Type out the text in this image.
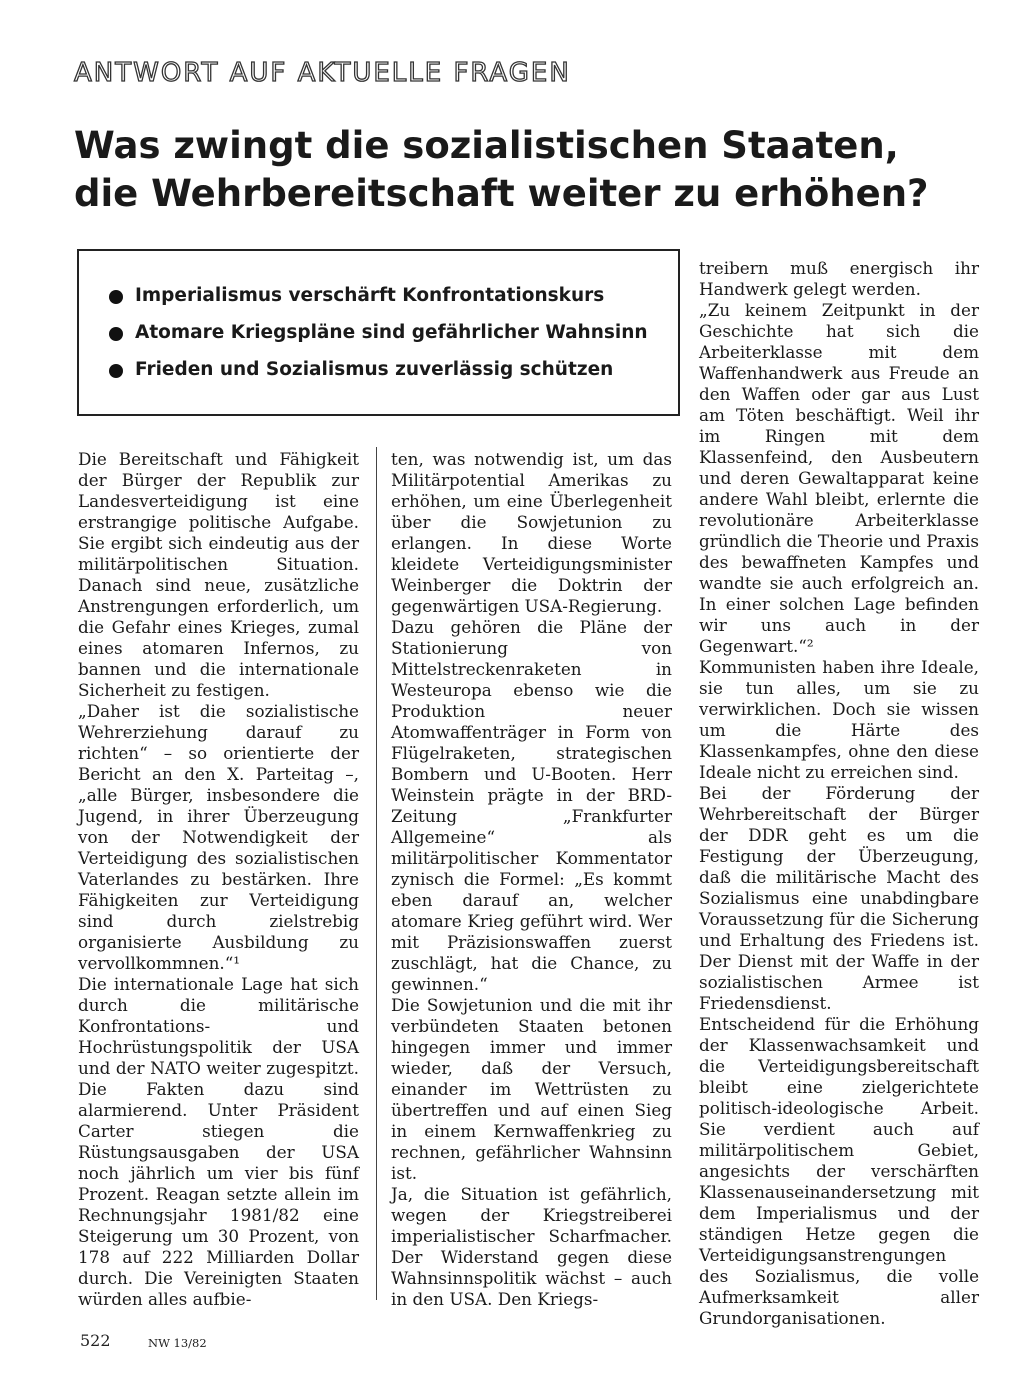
ANTWORT AUF AKTUELLE FRAGEN
Was zwingt die sozialistischen Staaten,
die Wehrbereitschaft weiter zu erhöhen?
Imperialismus verschärft Konfrontationskurs
Atomare Kriegspläne sind gefährlicher Wahnsinn
Frieden und Sozialismus zuverlässig schützen

Die Bereitschaft und Fähigkeit der Bürger der Republik zur Landesverteidigung ist eine erstrangige politische Aufgabe. Sie ergibt sich eindeutig aus der militärpolitischen Situation. Danach sind neue, zusätzliche Anstrengungen erforderlich, um die Gefahr eines Krieges, zumal eines atomaren Infernos, zu bannen und die internationale Sicherheit zu festigen.

„Daher ist die sozialistische Wehrerziehung darauf zu richten“ – so orientierte der Bericht an den X. Parteitag –, „alle Bürger, insbesondere die Jugend, in ihrer Überzeugung von der Notwendigkeit der Verteidigung des sozialistischen Vaterlandes zu bestärken. Ihre Fähigkeiten zur Verteidigung sind durch zielstrebig organisierte Ausbildung zu vervollkommnen.“¹

Die internationale Lage hat sich durch die militärische Konfrontations- und Hochrüstungspolitik der USA und der NATO weiter zugespitzt. Die Fakten dazu sind alarmierend. Unter Präsident Carter stiegen die Rüstungsausgaben der USA noch jährlich um vier bis fünf Prozent. Reagan setzte allein im Rechnungsjahr 1981/82 eine Steigerung um 30 Prozent, von 178 auf 222 Milliarden Dollar durch. Die Vereinigten Staaten würden alles aufbie-

ten, was notwendig ist, um das Militärpotential Amerikas zu erhöhen, um eine Überlegenheit über die Sowjetunion zu erlangen. In diese Worte kleidete Verteidigungsminister Weinberger die Doktrin der gegenwärtigen USA-Regierung.

Dazu gehören die Pläne der Stationierung von Mittelstreckenraketen in Westeuropa ebenso wie die Produktion neuer Atomwaffenträger in Form von Flügelraketen, strategischen Bombern und U-Booten. Herr Weinstein prägte in der BRD-Zeitung „Frankfurter Allgemeine“ als militärpolitischer Kommentator zynisch die Formel: „Es kommt eben darauf an, welcher atomare Krieg geführt wird. Wer mit Präzisionswaffen zuerst zuschlägt, hat die Chance, zu gewinnen.“

Die Sowjetunion und die mit ihr verbündeten Staaten betonen hingegen immer und immer wieder, daß der Versuch, einander im Wettrüsten zu übertreffen und auf einen Sieg in einem Kernwaffenkrieg zu rechnen, gefährlicher Wahnsinn ist.

Ja, die Situation ist gefährlich, wegen der Kriegstreiberei imperialistischer Scharfmacher. Der Widerstand gegen diese Wahnsinnspolitik wächst – auch in den USA. Den Kriegs-

treibern muß energisch ihr Handwerk gelegt werden.

„Zu keinem Zeitpunkt in der Geschichte hat sich die Arbeiterklasse mit dem Waffenhandwerk aus Freude an den Waffen oder gar aus Lust am Töten beschäftigt. Weil ihr im Ringen mit dem Klassenfeind, den Ausbeutern und deren Gewaltapparat keine andere Wahl bleibt, erlernte die revolutionäre Arbeiterklasse gründlich die Theorie und Praxis des bewaffneten Kampfes und wandte sie auch erfolgreich an. In einer solchen Lage befinden wir uns auch in der Gegenwart.“²

Kommunisten haben ihre Ideale, sie tun alles, um sie zu verwirklichen. Doch sie wissen um die Härte des Klassenkampfes, ohne den diese Ideale nicht zu erreichen sind.

Bei der Förderung der Wehrbereitschaft der Bürger der DDR geht es um die Festigung der Überzeugung, daß die militärische Macht des Sozialismus eine unabdingbare Voraussetzung für die Sicherung und Erhaltung des Friedens ist. Der Dienst mit der Waffe in der sozialistischen Armee ist Friedensdienst.

Entscheidend für die Erhöhung der Klassenwachsamkeit und die Verteidigungsbereitschaft bleibt eine zielgerichtete politisch-ideologische Arbeit. Sie verdient auch auf militärpolitischem Gebiet, angesichts der verschärften Klassenauseinandersetzung mit dem Imperialismus und der ständigen Hetze gegen die Verteidigungsanstrengungen des Sozialismus, die volle Aufmerksamkeit aller Grundorganisationen.

522	NW 13/82
